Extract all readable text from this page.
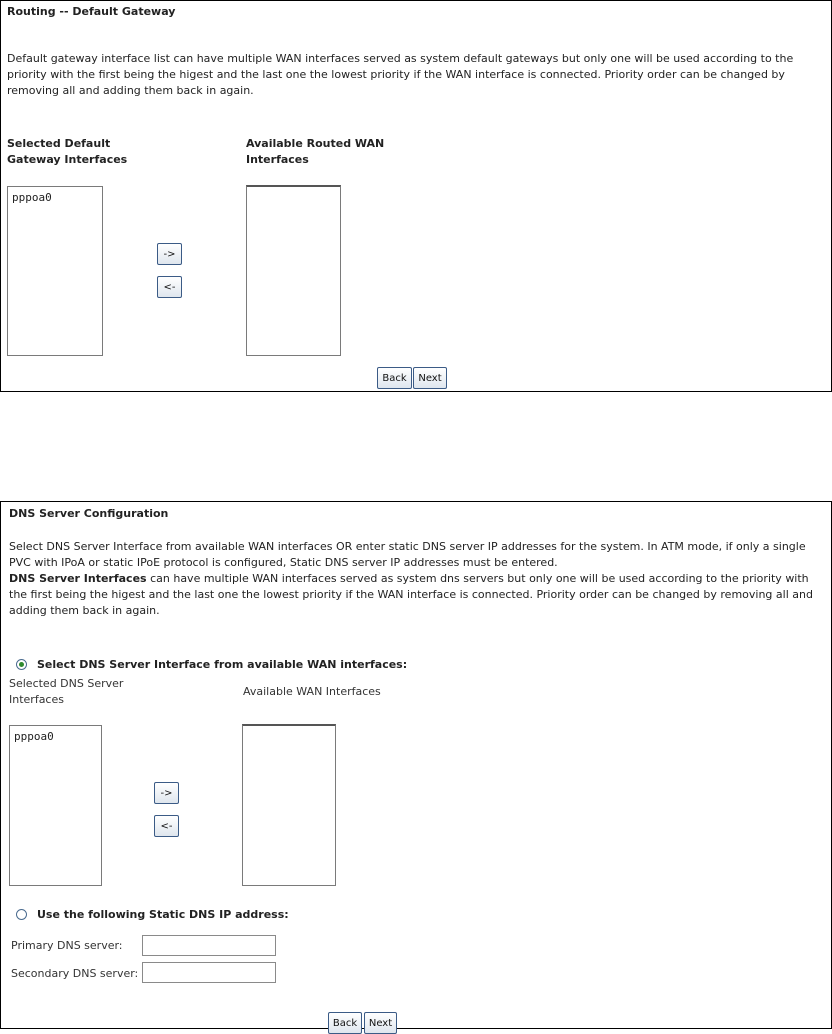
Routing -- Default Gateway
Default gateway interface list can have multiple WAN interfaces served as system default gateways but only one will be used according to the priority with the first being the higest and the last one the lowest priority if the WAN interface is connected. Priority order can be changed by removing all and adding them back in again.
Selected Default
Gateway Interfaces
Available Routed WAN
Interfaces
pppoa0
->
<-
Back	Next
DNS Server Configuration
Select DNS Server Interface from available WAN interfaces OR enter static DNS server IP addresses for the system. In ATM mode, if only a single PVC with IPoA or static IPoE protocol is configured, Static DNS server IP addresses must be entered.
DNS Server Interfaces can have multiple WAN interfaces served as system dns servers but only one will be used according to the priority with the first being the higest and the last one the lowest priority if the WAN interface is connected. Priority order can be changed by removing all and adding them back in again.
Select DNS Server Interface from available WAN interfaces:
Selected DNS Server
Interfaces
Available WAN Interfaces
pppoa0
->
<-
Use the following Static DNS IP address:
Primary DNS server:
Secondary DNS server:
Back	Next
